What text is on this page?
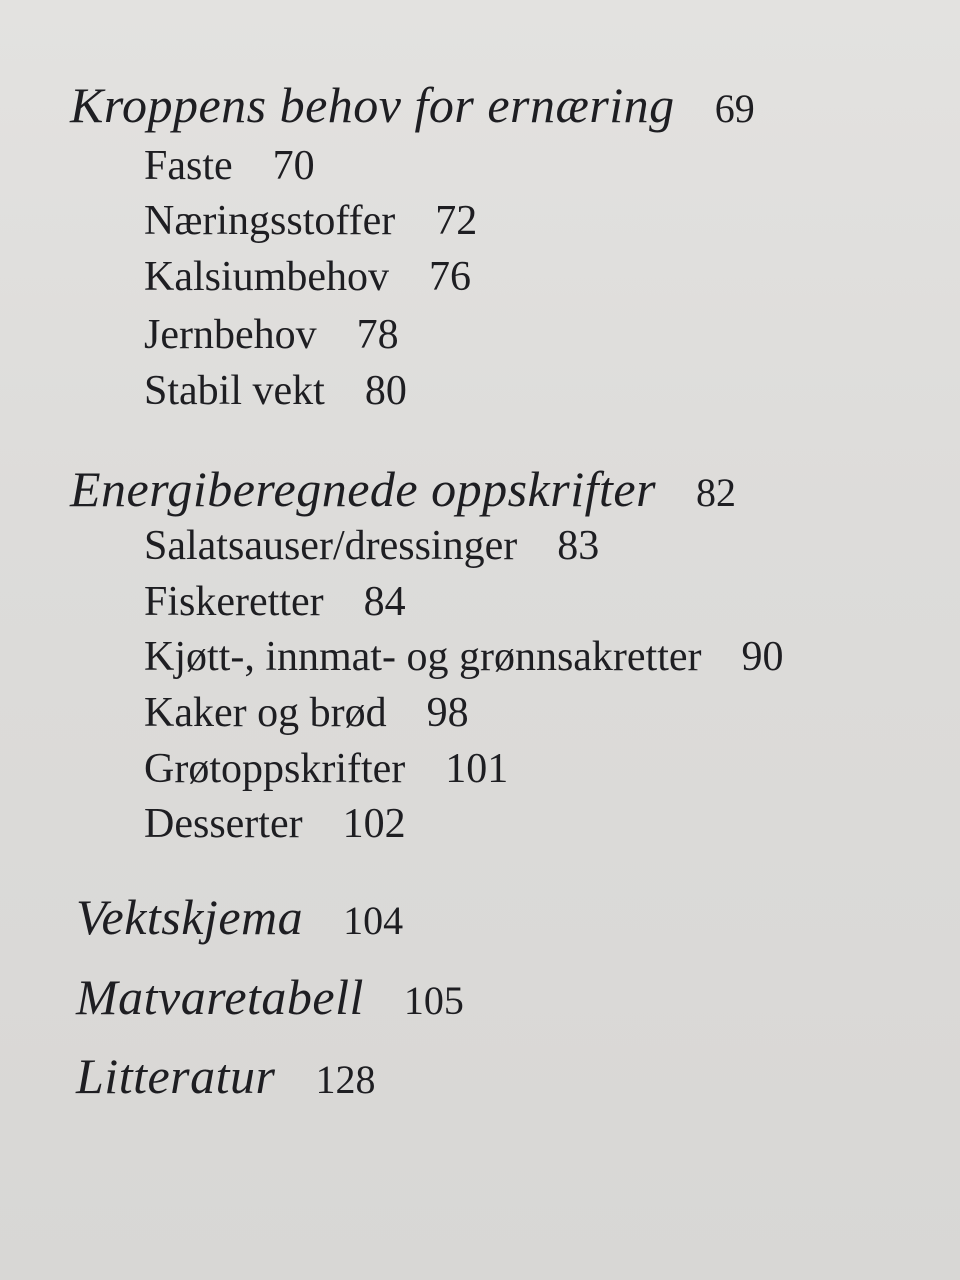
Kroppens behov for ernæring 69
Faste 70
Næringsstoffer 72
Kalsiumbehov 76
Jernbehov 78
Stabil vekt 80
Energiberegnede oppskrifter 82
Salatsauser/dressinger 83
Fiskeretter 84
Kjøtt-, innmat- og grønnsakretter 90
Kaker og brød 98
Grøtoppskrifter 101
Desserter 102
Vektskjema 104
Matvaretabell 105
Litteratur 128
